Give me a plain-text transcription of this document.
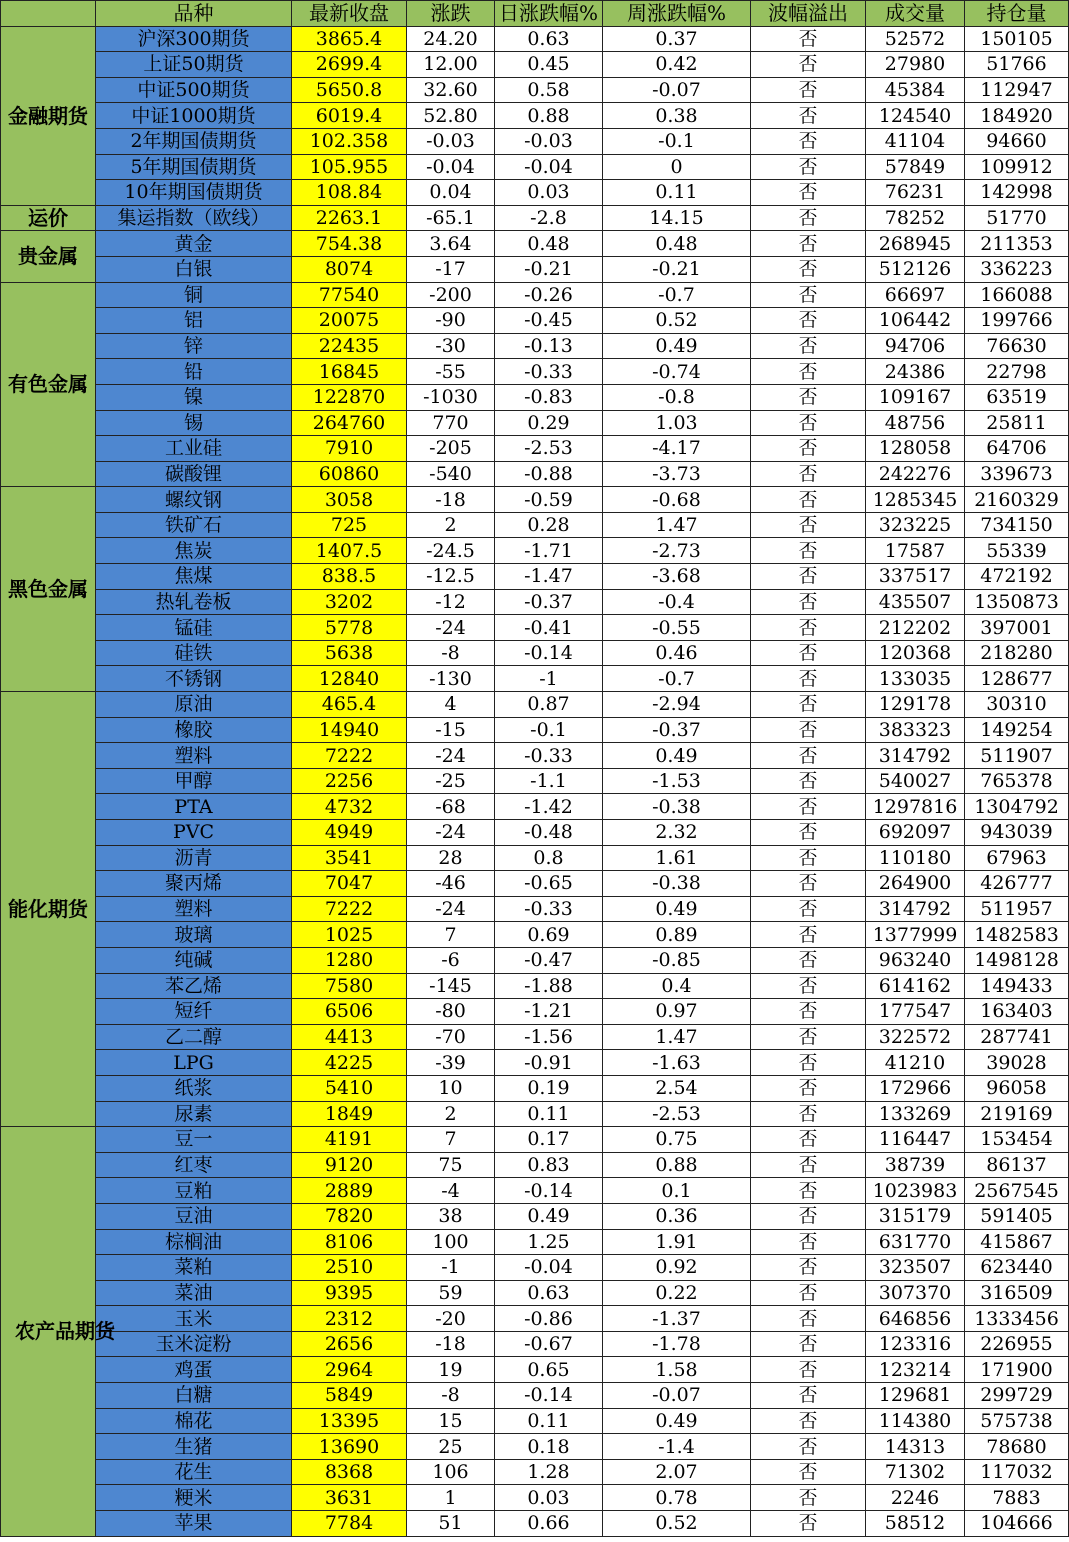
	品种	最新收盘	涨跌	日涨跌幅%	周涨跌幅%	波幅溢出	成交量	持仓量
金融期货	沪深300期货	3865.4	24.20	0.63	0.37	否	52572	150105
	上证50期货	2699.4	12.00	0.45	0.42	否	27980	51766
	中证500期货	5650.8	32.60	0.58	-0.07	否	45384	112947
	中证1000期货	6019.4	52.80	0.88	0.38	否	124540	184920
	2年期国债期货	102.358	-0.03	-0.03	-0.1	否	41104	94660
	5年期国债期货	105.955	-0.04	-0.04	0	否	57849	109912
	10年期国债期货	108.84	0.04	0.03	0.11	否	76231	142998
运价	集运指数（欧线）	2263.1	-65.1	-2.8	14.15	否	78252	51770
贵金属	黄金	754.38	3.64	0.48	0.48	否	268945	211353
	白银	8074	-17	-0.21	-0.21	否	512126	336223
有色金属	铜	77540	-200	-0.26	-0.7	否	66697	166088
	铝	20075	-90	-0.45	0.52	否	106442	199766
	锌	22435	-30	-0.13	0.49	否	94706	76630
	铅	16845	-55	-0.33	-0.74	否	24386	22798
	镍	122870	-1030	-0.83	-0.8	否	109167	63519
	锡	264760	770	0.29	1.03	否	48756	25811
	工业硅	7910	-205	-2.53	-4.17	否	128058	64706
	碳酸锂	60860	-540	-0.88	-3.73	否	242276	339673
黑色金属	螺纹钢	3058	-18	-0.59	-0.68	否	1285345	2160329
	铁矿石	725	2	0.28	1.47	否	323225	734150
	焦炭	1407.5	-24.5	-1.71	-2.73	否	17587	55339
	焦煤	838.5	-12.5	-1.47	-3.68	否	337517	472192
	热轧卷板	3202	-12	-0.37	-0.4	否	435507	1350873
	锰硅	5778	-24	-0.41	-0.55	否	212202	397001
	硅铁	5638	-8	-0.14	0.46	否	120368	218280
	不锈钢	12840	-130	-1	-0.7	否	133035	128677
能化期货	原油	465.4	4	0.87	-2.94	否	129178	30310
	橡胶	14940	-15	-0.1	-0.37	否	383323	149254
	塑料	7222	-24	-0.33	0.49	否	314792	511907
	甲醇	2256	-25	-1.1	-1.53	否	540027	765378
	PTA	4732	-68	-1.42	-0.38	否	1297816	1304792
	PVC	4949	-24	-0.48	2.32	否	692097	943039
	沥青	3541	28	0.8	1.61	否	110180	67963
	聚丙烯	7047	-46	-0.65	-0.38	否	264900	426777
	塑料	7222	-24	-0.33	0.49	否	314792	511957
	玻璃	1025	7	0.69	0.89	否	1377999	1482583
	纯碱	1280	-6	-0.47	-0.85	否	963240	1498128
	苯乙烯	7580	-145	-1.88	0.4	否	614162	149433
	短纤	6506	-80	-1.21	0.97	否	177547	163403
	乙二醇	4413	-70	-1.56	1.47	否	322572	287741
	LPG	4225	-39	-0.91	-1.63	否	41210	39028
	纸浆	5410	10	0.19	2.54	否	172966	96058
	尿素	1849	2	0.11	-2.53	否	133269	219169
农产品期货	豆一	4191	7	0.17	0.75	否	116447	153454
	红枣	9120	75	0.83	0.88	否	38739	86137
	豆粕	2889	-4	-0.14	0.1	否	1023983	2567545
	豆油	7820	38	0.49	0.36	否	315179	591405
	棕榈油	8106	100	1.25	1.91	否	631770	415867
	菜粕	2510	-1	-0.04	0.92	否	323507	623440
	菜油	9395	59	0.63	0.22	否	307370	316509
	玉米	2312	-20	-0.86	-1.37	否	646856	1333456
	玉米淀粉	2656	-18	-0.67	-1.78	否	123316	226955
	鸡蛋	2964	19	0.65	1.58	否	123214	171900
	白糖	5849	-8	-0.14	-0.07	否	129681	299729
	棉花	13395	15	0.11	0.49	否	114380	575738
	生猪	13690	25	0.18	-1.4	否	14313	78680
	花生	8368	106	1.28	2.07	否	71302	117032
	粳米	3631	1	0.03	0.78	否	2246	7883
	苹果	7784	51	0.66	0.52	否	58512	104666
